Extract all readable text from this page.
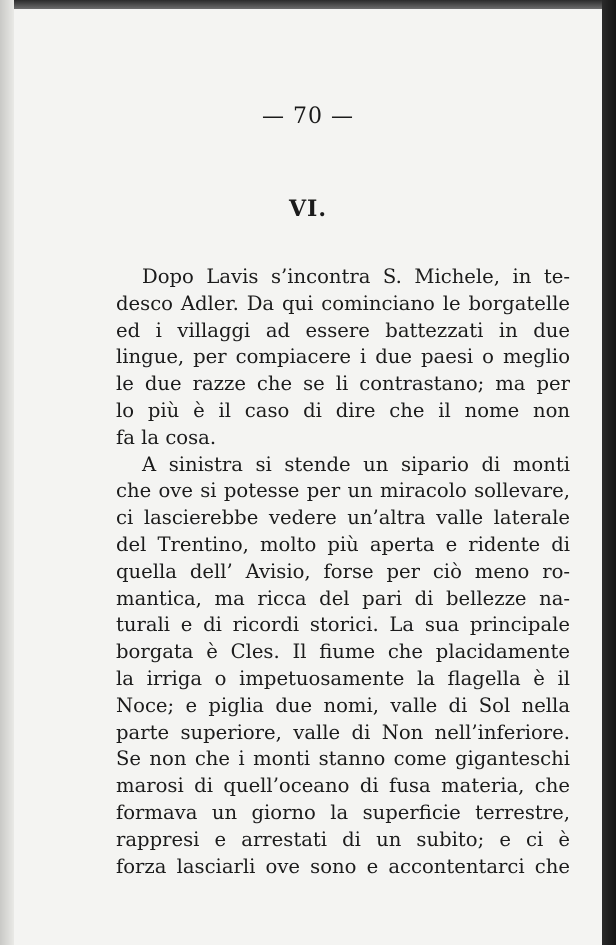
— 70 —
VI.
Dopo Lavis s’incontra S. Michele, in te-
desco Adler. Da qui cominciano le borgatelle
ed i villaggi ad essere battezzati in due
lingue, per compiacere i due paesi o meglio
le due razze che se li contrastano; ma per
lo più è il caso di dire che il nome non
fa la cosa.
A sinistra si stende un sipario di monti
che ove si potesse per un miracolo sollevare,
ci lascierebbe vedere un’altra valle laterale
del Trentino, molto più aperta e ridente di
quella dell’ Avisio, forse per ciò meno ro-
mantica, ma ricca del pari di bellezze na-
turali e di ricordi storici. La sua principale
borgata è Cles. Il fiume che placidamente
la irriga o impetuosamente la flagella è il
Noce; e piglia due nomi, valle di Sol nella
parte superiore, valle di Non nell’inferiore.
Se non che i monti stanno come giganteschi
marosi di quell’oceano di fusa materia, che
formava un giorno la superficie terrestre,
rappresi e arrestati di un subito; e ci è
forza lasciarli ove sono e accontentarci che
